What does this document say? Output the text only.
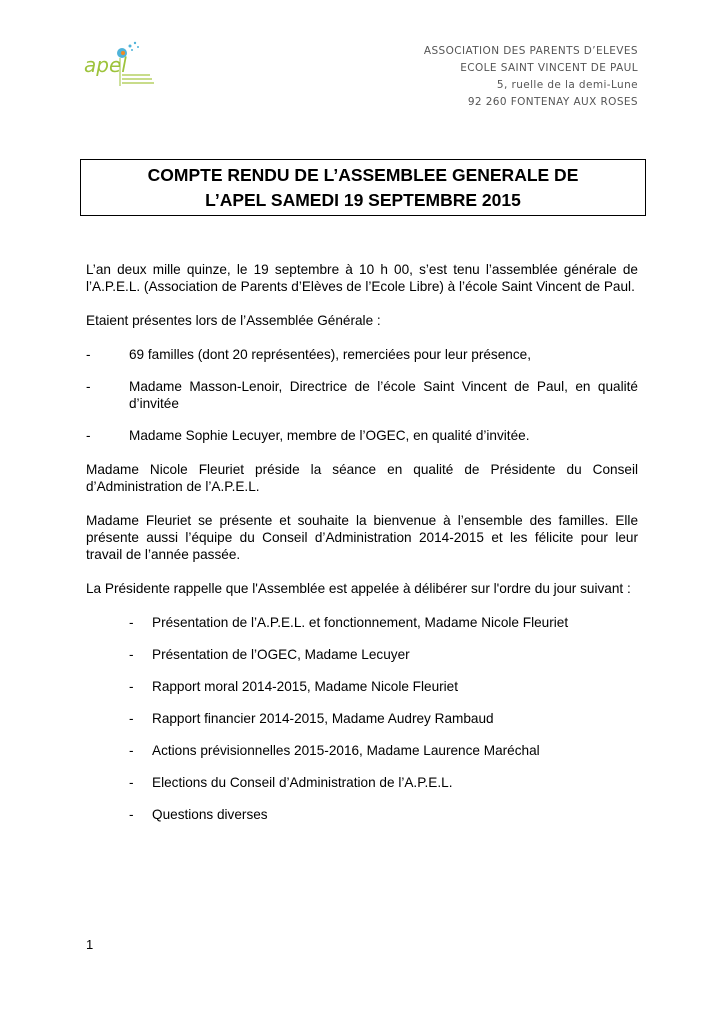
apel
ASSOCIATION DES PARENTS D’ELEVES
ECOLE SAINT VINCENT DE PAUL
5, ruelle de la demi-Lune
92 260 FONTENAY AUX ROSES
COMPTE RENDU DE L’ASSEMBLEE GENERALE DE
L’APEL SAMEDI 19 SEPTEMBRE 2015

L’an deux mille quinze, le 19 septembre à 10 h 00, s’est tenu l’assemblée générale de l’A.P.E.L. (Association de Parents d’Elèves de l’Ecole Libre) à l’école Saint Vincent de Paul.

Etaient présentes lors de l’Assemblée Générale :

-	69 familles (dont 20 représentées), remerciées pour leur présence,
-	Madame Masson-Lenoir, Directrice de l’école Saint Vincent de Paul, en qualité d’invitée
-	Madame Sophie Lecuyer, membre de l’OGEC, en qualité d’invitée.

Madame Nicole Fleuriet préside la séance en qualité de Présidente du Conseil d’Administration de l’A.P.E.L.

Madame Fleuriet se présente et souhaite la bienvenue à l’ensemble des familles. Elle présente aussi l’équipe du Conseil d’Administration 2014-2015 et les félicite pour leur travail de l’année passée.

La Présidente rappelle que l'Assemblée est appelée à délibérer sur l'ordre du jour suivant :

- Présentation de l’A.P.E.L. et fonctionnement, Madame Nicole Fleuriet
- Présentation de l’OGEC, Madame Lecuyer
- Rapport moral 2014-2015, Madame Nicole Fleuriet
- Rapport financier 2014-2015, Madame Audrey Rambaud
- Actions prévisionnelles 2015-2016, Madame Laurence Maréchal
- Elections du Conseil d’Administration de l’A.P.E.L.
- Questions diverses
1
